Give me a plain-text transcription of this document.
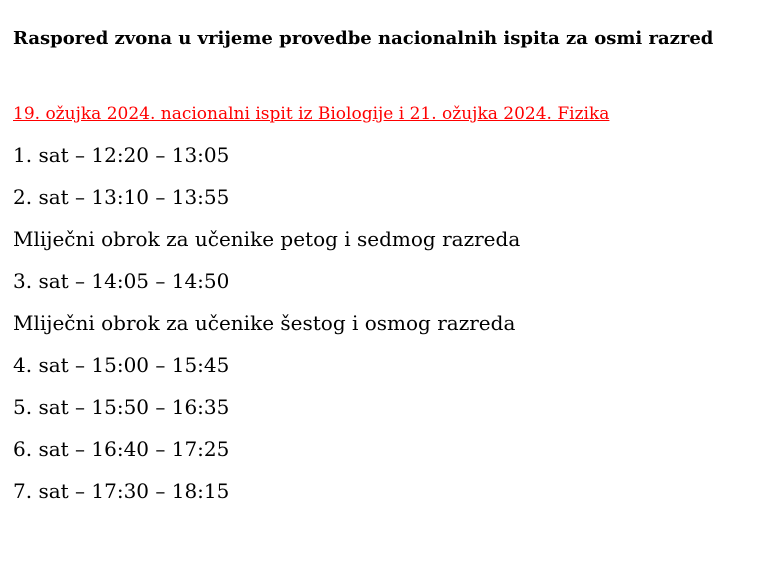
Raspored zvona u vrijeme provedbe nacionalnih ispita za osmi razred

19. ožujka 2024. nacionalni ispit iz Biologije i 21. ožujka 2024. Fizika

1. sat – 12:20 – 13:05
2. sat – 13:10 – 13:55
Mliječni obrok za učenike petog i sedmog razreda
3. sat – 14:05 – 14:50
Mliječni obrok za učenike šestog i osmog razreda
4. sat – 15:00 – 15:45
5. sat – 15:50 – 16:35
6. sat – 16:40 – 17:25
7. sat – 17:30 – 18:15
